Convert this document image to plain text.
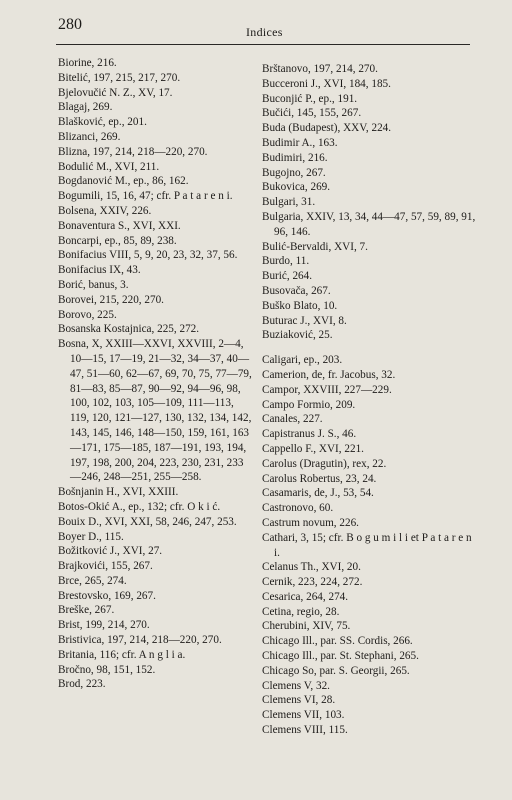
280	Indices
Biorine, 216.
Bitelić, 197, 215, 217, 270.
Bjelovučić N. Z., XV, 17.
Blagaj, 269.
Blašković, ep., 201.
Blizanci, 269.
Blizna, 197, 214, 218—220, 270.
Bodulić M., XVI, 211.
Bogdanović M., ep., 86, 162.
Bogumili, 15, 16, 47; cfr. P a t a r e n i.
Bolsena, XXIV, 226.
Bonaventura S., XVI, XXI.
Boncarpi, ep., 85, 89, 238.
Bonifacius VIII, 5, 9, 20, 23, 32, 37, 56.
Bonifacius IX, 43.
Borić, banus, 3.
Borovei, 215, 220, 270.
Borovo, 225.
Bosanska Kostajnica, 225, 272.
Bosna, X, XXIII—XXVI, XXVIII, 2—4, 10—15, 17—19, 21—32, 34—37, 40—47, 51—60, 62—67, 69, 70, 75, 77—79, 81—83, 85—87, 90—92, 94—96, 98, 100, 102, 103, 105—109, 111—113, 119, 120, 121—127, 130, 132, 134, 142, 143, 145, 146, 148—150, 159, 161, 163—171, 175—185, 187—191, 193, 194, 197, 198, 200, 204, 223, 230, 231, 233—246, 248—251, 255—258.
Bošnjanin H., XVI, XXIII.
Botos-Okić A., ep., 132; cfr. O k i ć.
Bouix D., XVI, XXI, 58, 246, 247, 253.
Boyer D., 115.
Božitković J., XVI, 27.
Brajkovići, 155, 267.
Brce, 265, 274.
Brestovsko, 169, 267.
Breške, 267.
Brist, 199, 214, 270.
Bristivica, 197, 214, 218—220, 270.
Britania, 116; cfr. A n g l i a.
Bročno, 98, 151, 152.
Brod, 223.
Brštanovo, 197, 214, 270.
Bucceroni J., XVI, 184, 185.
Buconjić P., ep., 191.
Bučići, 145, 155, 267.
Buda (Budapest), XXV, 224.
Budimir A., 163.
Budimiri, 216.
Bugojno, 267.
Bukovica, 269.
Bulgari, 31.
Bulgaria, XXIV, 13, 34, 44—47, 57, 59, 89, 91, 96, 146.
Bulić-Bervaldi, XVI, 7.
Burdo, 11.
Burić, 264.
Busovača, 267.
Buško Blato, 10.
Buturac J., XVI, 8.
Buziaković, 25.
Caligari, ep., 203.
Camerion, de, fr. Jacobus, 32.
Campor, XXVIII, 227—229.
Campo Formio, 209.
Canales, 227.
Capistranus J. S., 46.
Cappello F., XVI, 221.
Carolus (Dragutin), rex, 22.
Carolus Robertus, 23, 24.
Casamaris, de, J., 53, 54.
Castronovo, 60.
Castrum novum, 226.
Cathari, 3, 15; cfr. B o g u m i l i et P a t a r e n i.
Celanus Th., XVI, 20.
Cernik, 223, 224, 272.
Cesarica, 264, 274.
Cetina, regio, 28.
Cherubini, XIV, 75.
Chicago Ill., par. SS. Cordis, 266.
Chicago Ill., par. St. Stephani, 265.
Chicago So, par. S. Georgii, 265.
Clemens V, 32.
Clemens VI, 28.
Clemens VII, 103.
Clemens VIII, 115.
